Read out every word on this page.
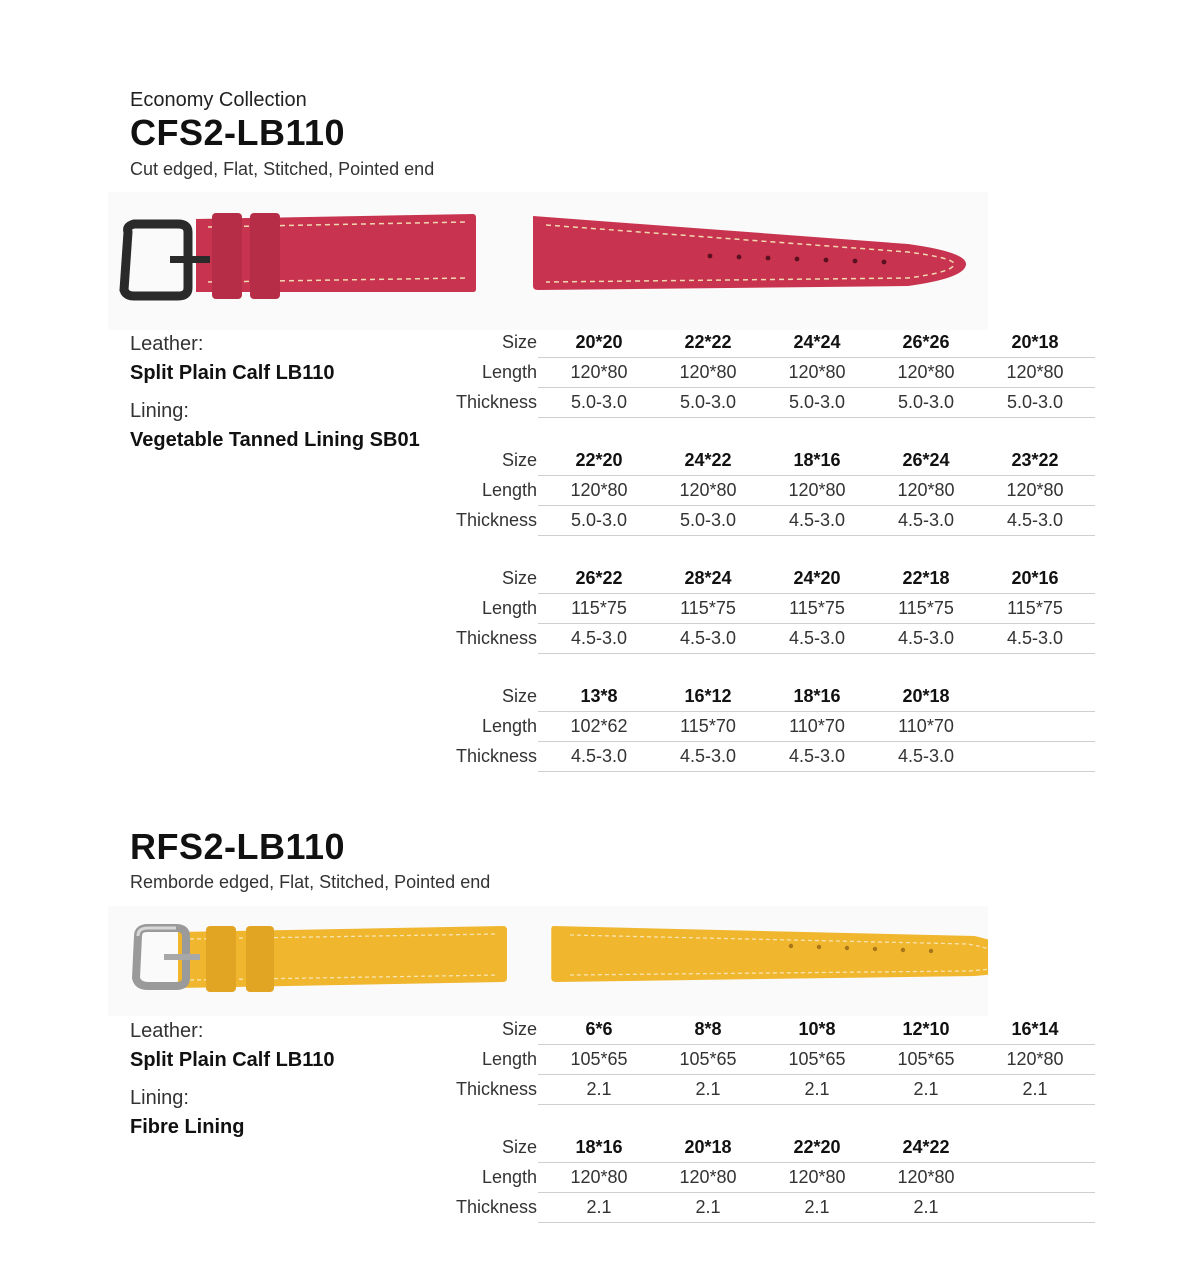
Economy Collection
CFS2-LB110
Cut edged, Flat, Stitched, Pointed end
Leather:
Split Plain Calf LB110
Lining:
Vegetable Tanned Lining SB01
Size	20*20	22*22	24*24	26*26	20*18
Length	120*80	120*80	120*80	120*80	120*80
Thickness	5.0-3.0	5.0-3.0	5.0-3.0	5.0-3.0	5.0-3.0
Size	22*20	24*22	18*16	26*24	23*22
Length	120*80	120*80	120*80	120*80	120*80
Thickness	5.0-3.0	5.0-3.0	4.5-3.0	4.5-3.0	4.5-3.0
Size	26*22	28*24	24*20	22*18	20*16
Length	115*75	115*75	115*75	115*75	115*75
Thickness	4.5-3.0	4.5-3.0	4.5-3.0	4.5-3.0	4.5-3.0
Size	13*8	16*12	18*16	20*18
Length	102*62	115*70	110*70	110*70
Thickness	4.5-3.0	4.5-3.0	4.5-3.0	4.5-3.0
RFS2-LB110
Remborde edged, Flat, Stitched, Pointed end
Leather:
Split Plain Calf LB110
Lining:
Fibre Lining
Size	6*6	8*8	10*8	12*10	16*14
Length	105*65	105*65	105*65	105*65	120*80
Thickness	2.1	2.1	2.1	2.1	2.1
Size	18*16	20*18	22*20	24*22
Length	120*80	120*80	120*80	120*80
Thickness	2.1	2.1	2.1	2.1
